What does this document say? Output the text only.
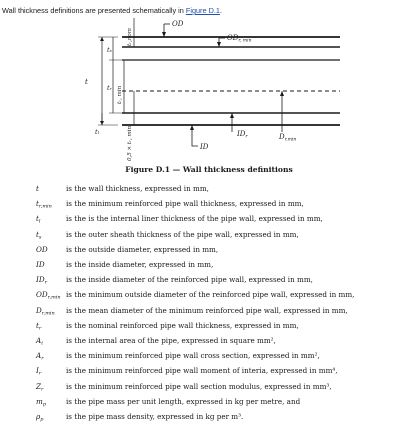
Wall thickness definitions are presented schematically in Figure D.1.
OD
$OD_{r, min}$
$ID_r$	$D_{r,min}$
ID
t
tₗ
tₛ
tᵣ tᵣ, min
tᵣ,nom
0,5 × tᵣ, min
Figure D.1 — Wall thickness definitions
t	is the wall thickness, expressed in mm,
$t_{r,min}$ is the minimum reinforced pipe wall thickness, expressed in mm,
$t_l$	is the is the internal liner thickness of the pipe wall, expressed in mm,
$t_s$	is the outer sheath thickness of the pipe wall, expressed in mm,
OD	is the outside diameter, expressed in mm,
ID	is the inside diameter, expressed in mm,
$ID_r$	is the inside diameter of the reinforced pipe wall, expressed in mm,
$OD_{r,min}$ is the minimum outside diameter of the reinforced pipe wall, expressed in mm,
$D_{r,min}$ is the mean diameter of the minimum reinforced pipe wall, expressed in mm,
$t_r$	is the nominal reinforced pipe wall thickness, expressed in mm,
$A_i$	is the internal area of the pipe, expressed in square mm²,
$A_r$	is the minimum reinforced pipe wall cross section, expressed in mm²,
$I_r$	is the minimum reinforced pipe wall moment of interia, expressed in mm⁴,
$Z_r$	is the minimum reinforced pipe wall section modulus, expressed in mm³,
$m_p$	is the pipe mass per unit length, expressed in kg per metre, and
$\rho_p$	is the pipe mass density, expressed in kg per m³.
